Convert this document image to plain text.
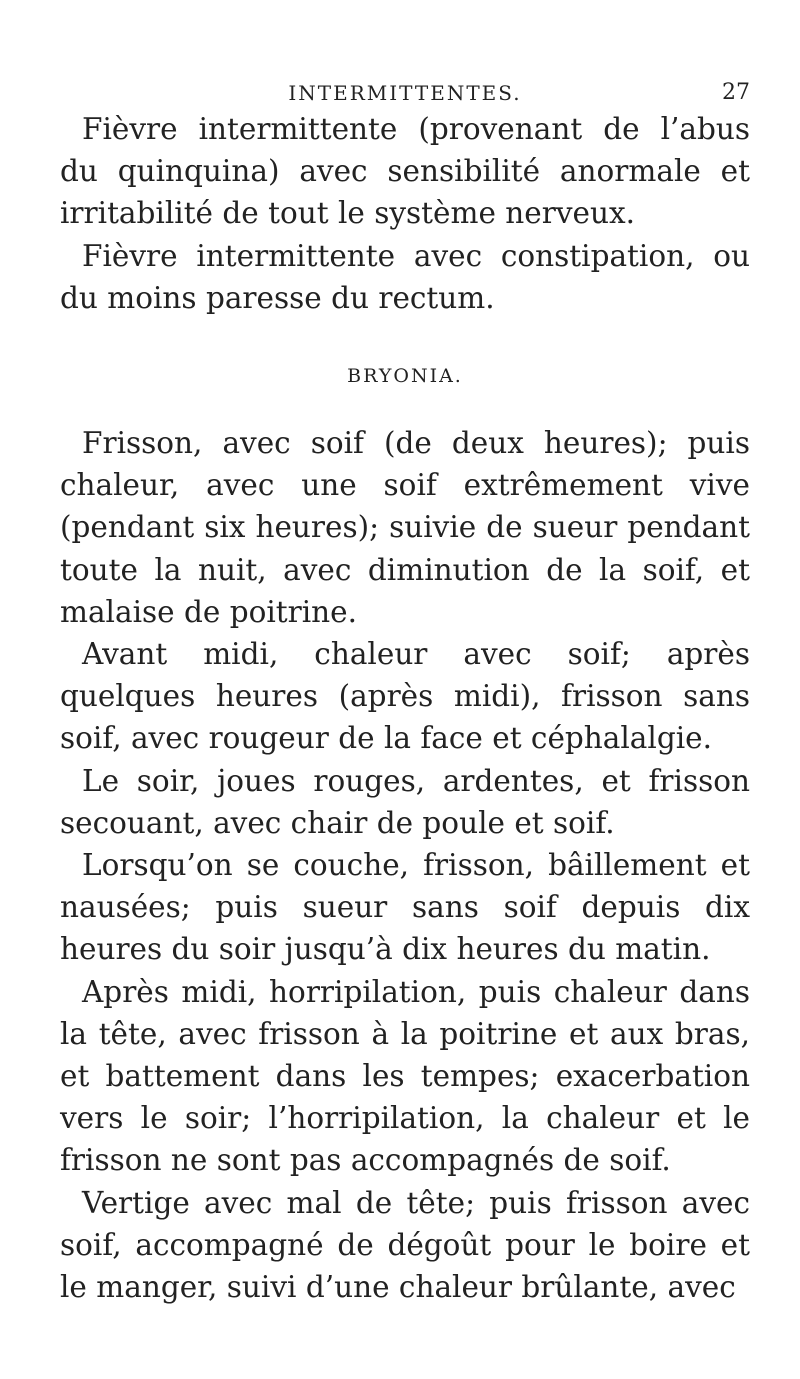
INTERMITTENTES.	27

Fièvre intermittente (provenant de l’abus du quinquina) avec sensibilité anormale et irritabilité de tout le système nerveux.

Fièvre intermittente avec constipation, ou du moins paresse du rectum.

BRYONIA.

Frisson, avec soif (de deux heures); puis chaleur, avec une soif extrêmement vive (pendant six heures); suivie de sueur pendant toute la nuit, avec diminution de la soif, et malaise de poitrine.

Avant midi, chaleur avec soif; après quelques heures (après midi), frisson sans soif, avec rougeur de la face et céphalalgie.

Le soir, joues rouges, ardentes, et frisson secouant, avec chair de poule et soif.

Lorsqu’on se couche, frisson, bâillement et nausées; puis sueur sans soif depuis dix heures du soir jusqu’à dix heures du matin.

Après midi, horripilation, puis chaleur dans la tête, avec frisson à la poitrine et aux bras, et battement dans les tempes; exacerbation vers le soir; l’horripilation, la chaleur et le frisson ne sont pas accompagnés de soif.

Vertige avec mal de tête; puis frisson avec soif, accompagné de dégoût pour le boire et le manger, suivi d’une chaleur brûlante, avec
